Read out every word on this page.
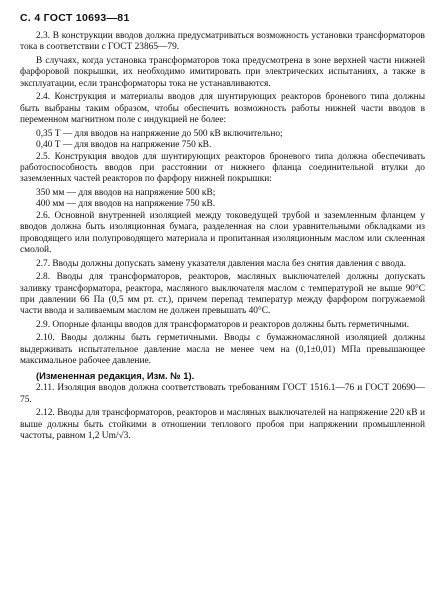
С. 4 ГОСТ 10693—81

2.3. В конструкции вводов должна предусматриваться возможность установки трансформаторов тока в соответствии с ГОСТ 23865—79.

В случаях, когда установка трансформаторов тока предусмотрена в зоне верхней части нижней фарфоровой покрышки, их необходимо имитировать при электрических испытаниях, а также в эксплуатации, если трансформаторы тока не устанавливаются.

2.4. Конструкция и материалы вводов для шунтирующих реакторов броневого типа должны быть выбраны таким образом, чтобы обеспечить возможность работы нижней части вводов в переменном магнитном поле с индукцией не более:

0,35 Т — для вводов на напряжение до 500 кВ включительно;

0,40 Т — для вводов на напряжение 750 кВ.

2.5. Конструкция вводов для шунтирующих реакторов броневого типа должна обеспечивать работоспособность вводов при расстоянии от нижнего фланца соединительной втулки до заземленных частей реакторов по фарфору нижней покрышки:

350 мм — для вводов на напряжение 500 кВ;

400 мм — для вводов на напряжение 750 кВ.

2.6. Основной внутренней изоляцией между токоведущей трубой и заземленным фланцем у вводов должна быть изоляционная бумага, разделенная на слои уравнительными обкладками из проводящего или полупроводящего материала и пропитанная изоляционным маслом или склеенная смолой.

2.7. Вводы должны допускать замену указателя давления масла без снятия давления с ввода.

2.8. Вводы для трансформаторов, реакторов, масляных выключателей должны допускать заливку трансформатора, реактора, масляного выключателя маслом с температурой не выше 90°C при давлении 66 Па (0,5 мм рт. ст.), причем перепад температур между фарфором погружаемой части ввода и заливаемым маслом не должен превышать 40°C.

2.9. Опорные фланцы вводов для трансформаторов и реакторов должны быть герметичными.

2.10. Вводы должны быть герметичными. Вводы с бумажномасляной изоляцией должны выдерживать испытательное давление масла не менее чем на (0,1±0,01) МПа превышающее максимальное рабочее давление.

(Измененная редакция, Изм. № 1).

2.11. Изоляция вводов должна соответствовать требованиям ГОСТ 1516.1—76 и ГОСТ 20690—75.

2.12. Вводы для трансформаторов, реакторов и масляных выключателей на напряжение 220 кВ и выше должны быть стойкими в отношении теплового пробоя при напряжении промышленной частоты, равном 1,2 Um/√3.
